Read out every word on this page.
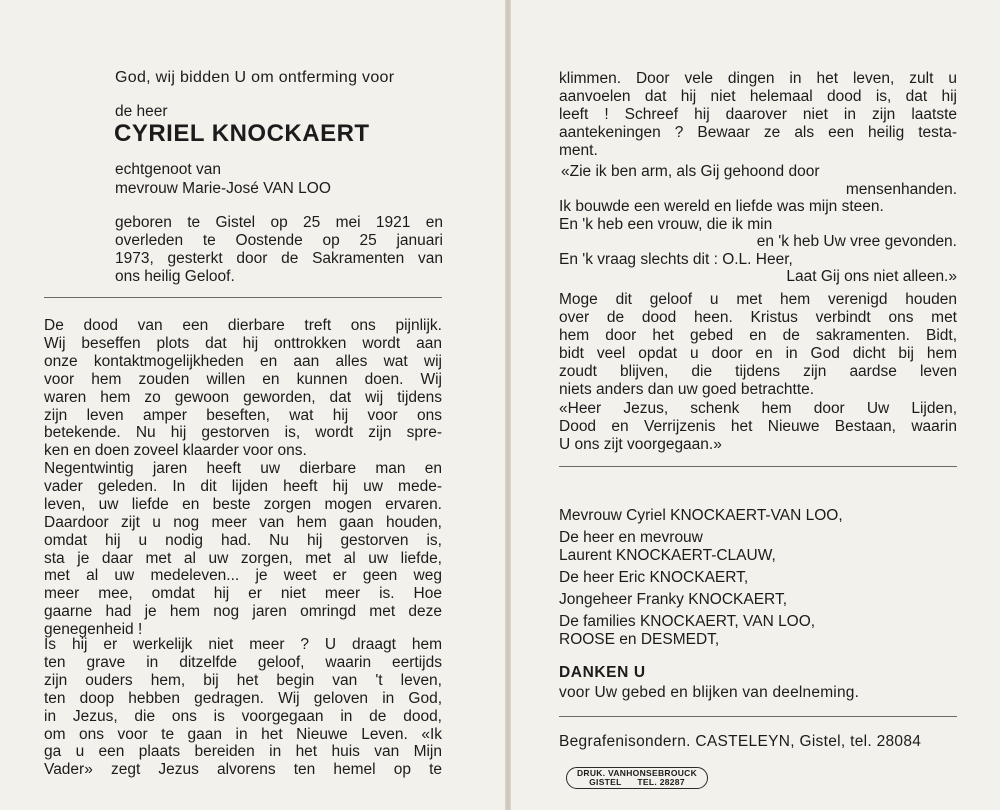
God, wij bidden U om ontferming voor

de heer

CYRIEL KNOCKAERT

echtgenoot van

mevrouw Marie-José VAN LOO

geboren te Gistel op 25 mei 1921 en
overleden te Oostende op 25 januari
1973, gesterkt door de Sakramenten van
ons heilig Geloof.
De dood van een dierbare treft ons pijnlijk.
Wij beseffen plots dat hij onttrokken wordt aan
onze kontaktmogelijkheden en aan alles wat wij
voor hem zouden willen en kunnen doen. Wij
waren hem zo gewoon geworden, dat wij tijdens
zijn leven amper beseften, wat hij voor ons
betekende. Nu hij gestorven is, wordt zijn spre-
ken en doen zoveel klaarder voor ons.
Negentwintig jaren heeft uw dierbare man en
vader geleden. In dit lijden heeft hij uw mede-
leven, uw liefde en beste zorgen mogen ervaren.
Daardoor zijt u nog meer van hem gaan houden,
omdat hij u nodig had. Nu hij gestorven is,
sta je daar met al uw zorgen, met al uw liefde,
met al uw medeleven... je weet er geen weg
meer mee, omdat hij er niet meer is. Hoe
gaarne had je hem nog jaren omringd met deze
genegenheid !
Is hij er werkelijk niet meer ? U draagt hem
ten grave in ditzelfde geloof, waarin eertijds
zijn ouders hem, bij het begin van 't leven,
ten doop hebben gedragen. Wij geloven in God,
in Jezus, die ons is voorgegaan in de dood,
om ons voor te gaan in het Nieuwe Leven. «Ik
ga u een plaats bereiden in het huis van Mijn
Vader» zegt Jezus alvorens ten hemel op te
klimmen. Door vele dingen in het leven, zult u
aanvoelen dat hij niet helemaal dood is, dat hij
leeft ! Schreef hij daarover niet in zijn laatste
aantekeningen ? Bewaar ze als een heilig testa-
ment.
«Zie ik ben arm, als Gij gehoond door
mensenhanden.
Ik bouwde een wereld en liefde was mijn steen.
En 'k heb een vrouw, die ik min
en 'k heb Uw vree gevonden.
En 'k vraag slechts dit : O.L. Heer,
Laat Gij ons niet alleen.»
Moge dit geloof u met hem verenigd houden
over de dood heen. Kristus verbindt ons met
hem door het gebed en de sakramenten. Bidt,
bidt veel opdat u door en in God dicht bij hem
zoudt blijven, die tijdens zijn aardse leven
niets anders dan uw goed betrachtte.
«Heer Jezus, schenk hem door Uw Lijden,
Dood en Verrijzenis het Nieuwe Bestaan, waarin
U ons zijt voorgegaan.»
Mevrouw Cyriel KNOCKAERT-VAN LOO,
De heer en mevrouw
Laurent KNOCKAERT-CLAUW,
De heer Eric KNOCKAERT,
Jongeheer Franky KNOCKAERT,
De families KNOCKAERT, VAN LOO,
ROOSE en DESMEDT,

DANKEN U

voor Uw gebed en blijken van deelneming.

Begrafenisondern. CASTELEYN, Gistel, tel. 28084

DRUK. VANHONSEBROUCK
GISTEL      TEL. 28287
